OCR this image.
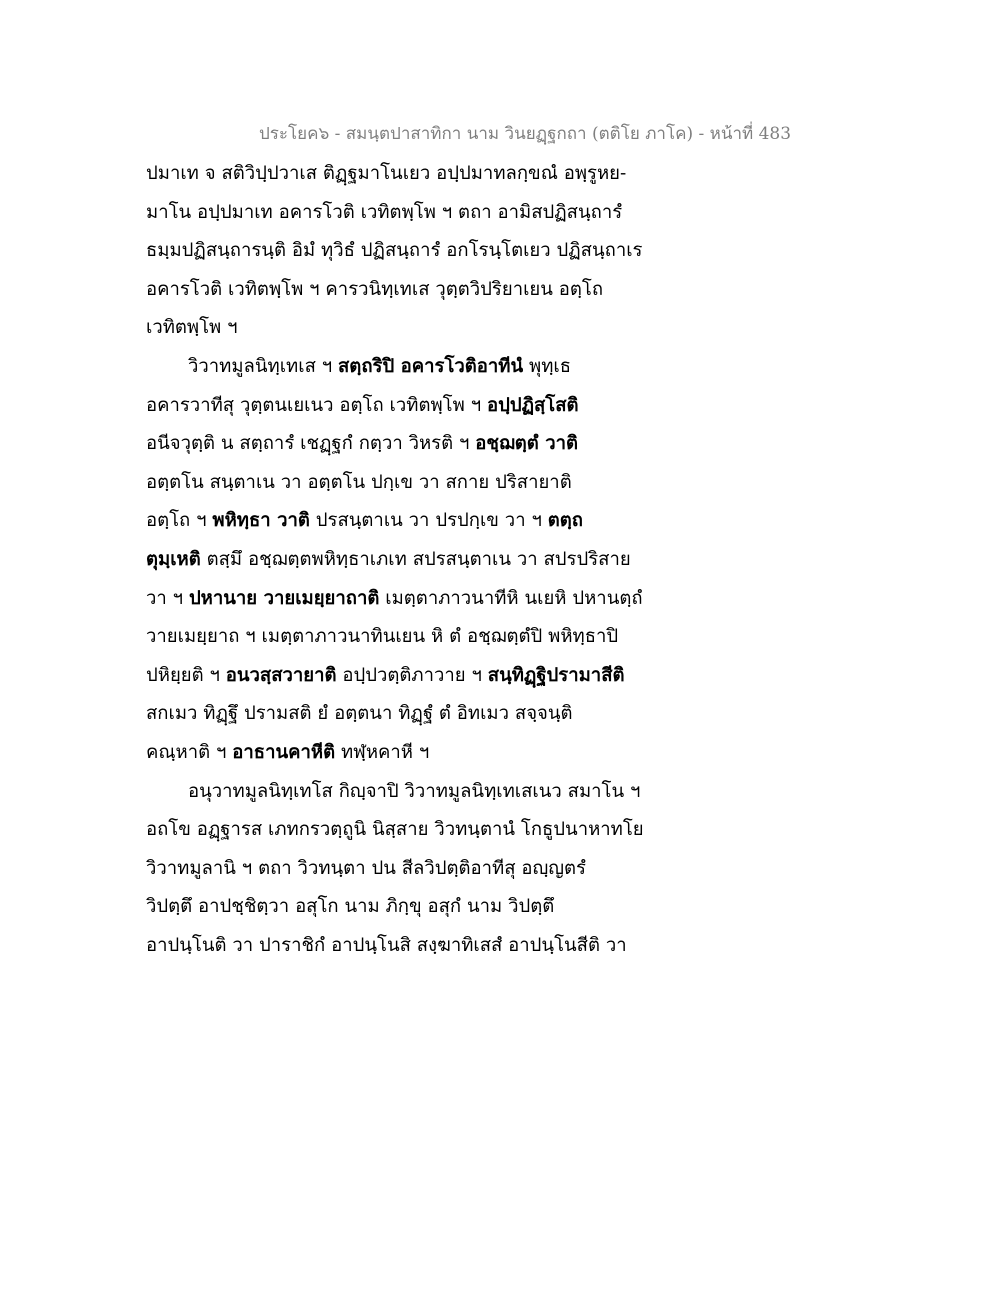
ประโยค๖ - สมนฺตปาสาทิกา นาม วินยฏฺฐกถา (ตติโย ภาโค) - หน้าที่ 483
ปมาเท จ สติวิปฺปวาเส ติฏฺฐมาโนเยว อปฺปมาทลกฺขณํ อพฺรูหย-
มาโน อปฺปมาเท อคารโวติ เวทิตพฺโพ ฯ ตถา อามิสปฏิสนฺถารํ
ธมฺมปฏิสนฺถารนฺติ อิมํ ทุวิธํ ปฏิสนฺถารํ อกโรนฺโตเยว ปฏิสนฺถาเร
อคารโวติ เวทิตพฺโพ ฯ คารวนิทฺเทเส วุตฺตวิปริยาเยน อตฺโถ
เวทิตพฺโพ ฯ
วิวาทมูลนิทฺเทเส ฯ สตฺถริปิ อคารโวติอาทีนํ พุทฺเธ
อคารวาทีสุ วุตฺตนเยเนว อตฺโถ เวทิตพฺโพ ฯ อปฺปฏิสฺโสติ
อนีจวุตฺติ น สตฺถารํ เชฏฺฐกํ กตฺวา วิหรติ ฯ อชฺฌตฺตํ วาติ
อตฺตโน สนฺตาเน วา อตฺตโน ปกฺเข วา สกาย ปริสายาติ
อตฺโถ ฯ พหิทฺธา วาติ ปรสนฺตาเน วา ปรปกฺเข วา ฯ ตตฺถ
ตุมฺเหติ ตสฺมึ อชฺฌตฺตพหิทฺธาเภเท สปรสนฺตาเน วา สปรปริสาย
วา ฯ ปหานาย วายเมยฺยาถาติ เมตฺตาภาวนาทีหิ นเยหิ ปหานตฺถํ
วายเมยฺยาถ ฯ เมตฺตาภาวนาทินเยน หิ ตํ อชฺฌตฺตํปิ พหิทฺธาปิ
ปหิยฺยติ ฯ อนวสฺสวายาติ อปฺปวตฺติภาวาย ฯ สนฺทิฏฺฐิปรามาสีติ
สกเมว ทิฏฺฐึ ปรามสติ ยํ อตฺตนา ทิฏฺฐํ ตํ อิทเมว สจฺจนฺติ
คณฺหาติ ฯ อาธานคาหีติ ทฬฺหคาหี ฯ
อนุวาทมูลนิทฺเทโส กิญฺจาปิ วิวาทมูลนิทฺเทเสเนว สมาโน ฯ
อถโข อฏฺฐารส เภทกรวตฺถูนิ นิสฺสาย วิวทนฺตานํ โกธูปนาหาทโย
วิวาทมูลานิ ฯ ตถา วิวทนฺตา ปน สีลวิปตฺติอาทีสุ อญฺญตรํ
วิปตฺตึ อาปชฺชิตฺวา อสุโก นาม ภิกฺขุ อสุกํ นาม วิปตฺตึ
อาปนฺโนติ วา ปาราชิกํ อาปนฺโนสิ สงฺฆาทิเสสํ อาปนฺโนสีติ วา
